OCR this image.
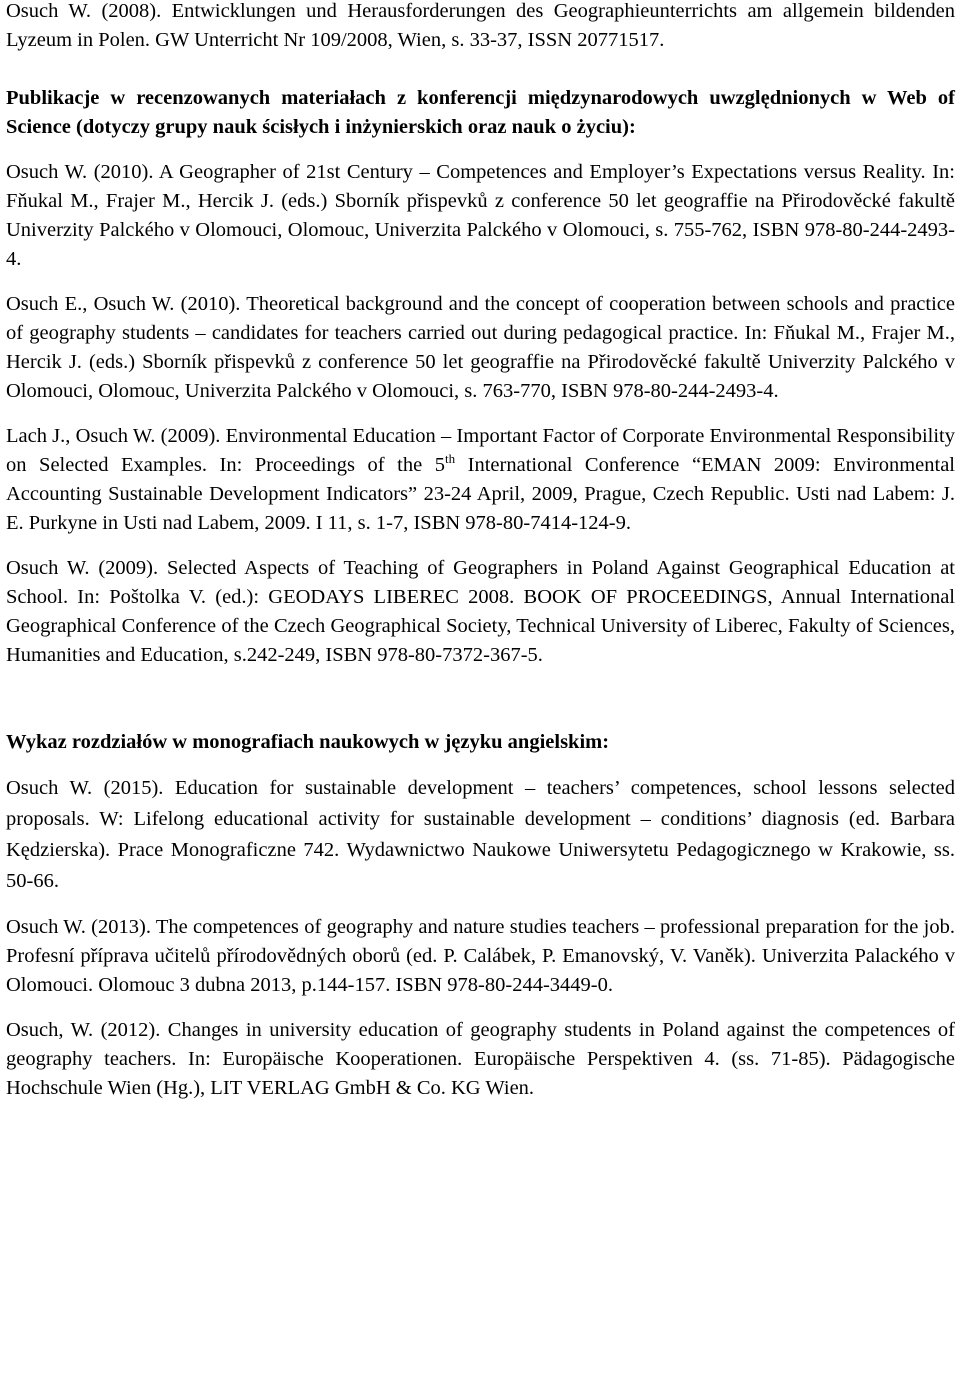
Osuch W. (2008). Entwicklungen und Herausforderungen des Geographieunterrichts am allgemein bildenden Lyzeum in Polen. GW Unterricht Nr 109/2008, Wien, s. 33-37, ISSN 20771517.

Publikacje w recenzowanych materiałach z konferencji międzynarodowych uwzględnionych w Web of Science (dotyczy grupy nauk ścisłych i inżynierskich oraz nauk o życiu):

Osuch W. (2010). A Geographer of 21st Century – Competences and Employer’s Expectations versus Reality. In: Fňukal M., Frajer M., Hercik J. (eds.) Sborník přispevků z conference 50 let geograffie na Přirodověcké fakultě Univerzity Palckého v Olomouci, Olomouc, Univerzita Palckého v Olomouci, s. 755-762, ISBN 978-80-244-2493-4.

Osuch E., Osuch W. (2010). Theoretical background and the concept of cooperation between schools and practice of geography students – candidates for teachers carried out during pedagogical practice. In: Fňukal M., Frajer M., Hercik J. (eds.) Sborník přispevků z conference 50 let geograffie na Přirodověcké fakultě Univerzity Palckého v Olomouci, Olomouc, Univerzita Palckého v Olomouci, s. 763-770, ISBN 978-80-244-2493-4.

Lach J., Osuch W. (2009). Environmental Education – Important Factor of Corporate Environmental Responsibility on Selected Examples. In: Proceedings of the 5th International Conference “EMAN 2009: Environmental Accounting Sustainable Development Indicators” 23-24 April, 2009, Prague, Czech Republic. Usti nad Labem: J. E. Purkyne in Usti nad Labem, 2009. I 11, s. 1-7, ISBN 978-80-7414-124-9.

Osuch W. (2009). Selected Aspects of Teaching of Geographers in Poland Against Geographical Education at School. In: Poštolka V. (ed.): GEODAYS LIBEREC 2008. BOOK OF PROCEEDINGS, Annual International Geographical Conference of the Czech Geographical Society, Technical University of Liberec, Fakulty of Sciences, Humanities and Education, s.242-249, ISBN 978-80-7372-367-5.

Wykaz rozdziałów w monografiach naukowych w języku angielskim:

Osuch W. (2015). Education for sustainable development – teachers’ competences, school lessons selected proposals. W: Lifelong educational activity for sustainable development – conditions’ diagnosis (ed. Barbara Kędzierska). Prace Monograficzne 742. Wydawnictwo Naukowe Uniwersytetu Pedagogicznego w Krakowie, ss. 50-66.

Osuch W. (2013). The competences of geography and nature studies teachers – professional preparation for the job. Profesní příprava učitelů přírodovědných oborů (ed. P. Calábek, P. Emanovský, V. Vaněk). Univerzita Palackého v Olomouci. Olomouc 3 dubna 2013, p.144-157. ISBN 978-80-244-3449-0.

Osuch, W. (2012). Changes in university education of geography students in Poland against the competences of geography teachers. In: Europäische Kooperationen. Europäische Perspektiven 4. (ss. 71-85). Pädagogische Hochschule Wien (Hg.), LIT VERLAG GmbH & Co. KG Wien.
